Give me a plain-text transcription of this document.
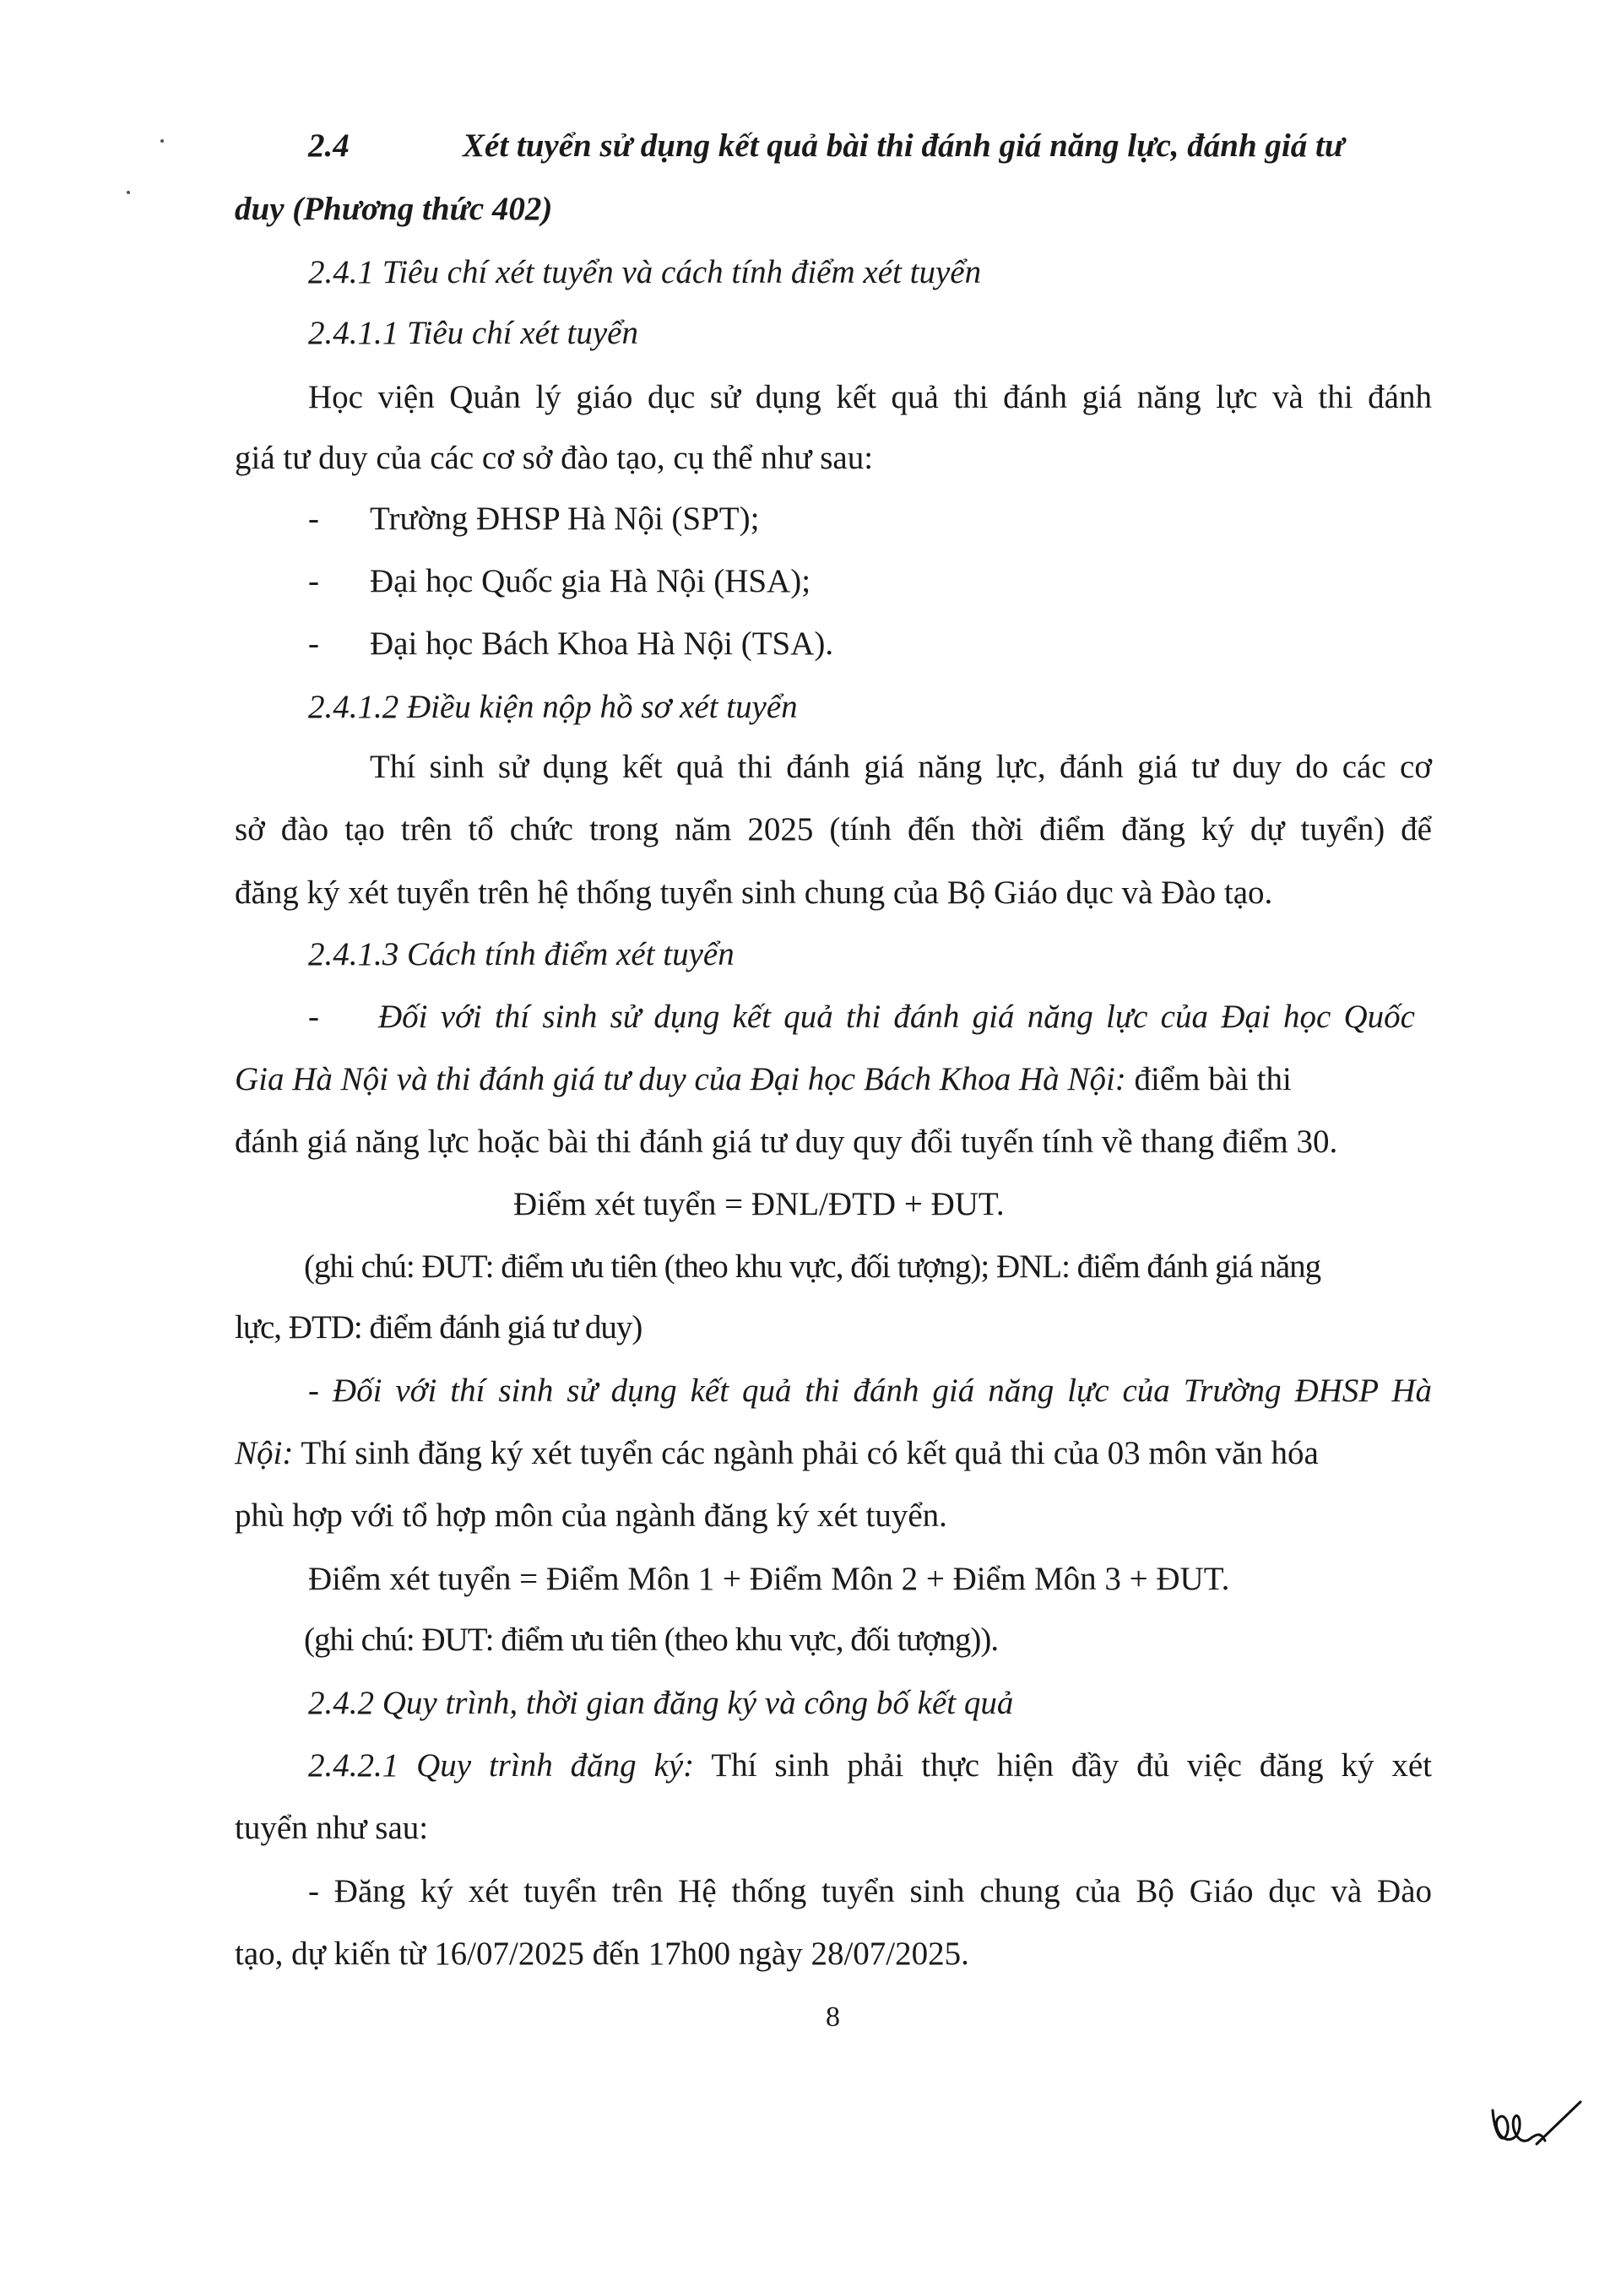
2.4	Xét tuyển sử dụng kết quả bài thi đánh giá năng lực, đánh giá tư
duy (Phương thức 402)
2.4.1 Tiêu chí xét tuyển và cách tính điểm xét tuyển
2.4.1.1 Tiêu chí xét tuyển
Học viện Quản lý giáo dục sử dụng kết quả thi đánh giá năng lực và thi đánh
giá tư duy của các cơ sở đào tạo, cụ thể như sau:
- Trường ĐHSP Hà Nội (SPT);
- Đại học Quốc gia Hà Nội (HSA);
- Đại học Bách Khoa Hà Nội (TSA).
2.4.1.2 Điều kiện nộp hồ sơ xét tuyển
Thí sinh sử dụng kết quả thi đánh giá năng lực, đánh giá tư duy do các cơ
sở đào tạo trên tổ chức trong năm 2025 (tính đến thời điểm đăng ký dự tuyển) để
đăng ký xét tuyển trên hệ thống tuyển sinh chung của Bộ Giáo dục và Đào tạo.
2.4.1.3 Cách tính điểm xét tuyển
- Đối với thí sinh sử dụng kết quả thi đánh giá năng lực của Đại học Quốc
Gia Hà Nội và thi đánh giá tư duy của Đại học Bách Khoa Hà Nội: điểm bài thi
đánh giá năng lực hoặc bài thi đánh giá tư duy quy đổi tuyến tính về thang điểm 30.
Điểm xét tuyển = ĐNL/ĐTD + ĐUT.
(ghi chú: ĐUT: điểm ưu tiên (theo khu vực, đối tượng); ĐNL: điểm đánh giá năng
lực, ĐTD: điểm đánh giá tư duy)
- Đối với thí sinh sử dụng kết quả thi đánh giá năng lực của Trường ĐHSP Hà
Nội: Thí sinh đăng ký xét tuyển các ngành phải có kết quả thi của 03 môn văn hóa
phù hợp với tổ hợp môn của ngành đăng ký xét tuyển.
Điểm xét tuyển = Điểm Môn 1 + Điểm Môn 2 + Điểm Môn 3 + ĐUT.
(ghi chú: ĐUT: điểm ưu tiên (theo khu vực, đối tượng)).
2.4.2 Quy trình, thời gian đăng ký và công bố kết quả
2.4.2.1 Quy trình đăng ký: Thí sinh phải thực hiện đầy đủ việc đăng ký xét
tuyển như sau:
- Đăng ký xét tuyển trên Hệ thống tuyển sinh chung của Bộ Giáo dục và Đào
tạo, dự kiến từ 16/07/2025 đến 17h00 ngày 28/07/2025.
8
